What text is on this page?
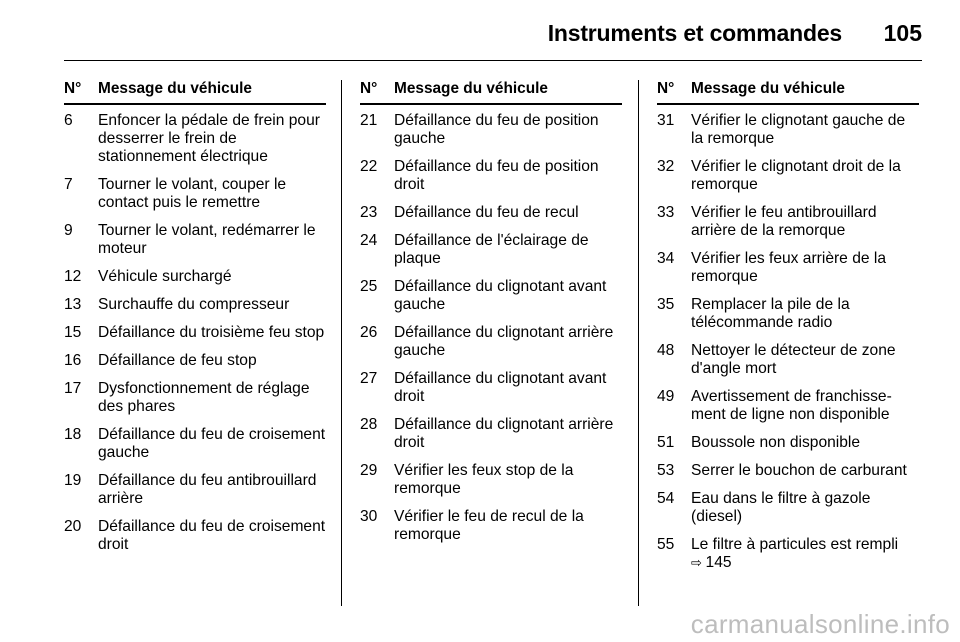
Instruments et commandes 105
N°	Message du véhicule
6	Enfoncer la pédale de frein pour desserrer le frein de stationnement électrique
7	Tourner le volant, couper le contact puis le remettre
9	Tourner le volant, redémarrer le moteur
12	Véhicule surchargé
13	Surchauffe du compresseur
15	Défaillance du troisième feu stop
16	Défaillance de feu stop
17	Dysfonctionnement de réglage des phares
18	Défaillance du feu de croisement gauche
19	Défaillance du feu antibrouillard arrière
20	Défaillance du feu de croisement droit
N°	Message du véhicule
21	Défaillance du feu de position gauche
22	Défaillance du feu de position droit
23	Défaillance du feu de recul
24	Défaillance de l'éclairage de plaque
25	Défaillance du clignotant avant gauche
26	Défaillance du clignotant arrière gauche
27	Défaillance du clignotant avant droit
28	Défaillance du clignotant arrière droit
29	Vérifier les feux stop de la remorque
30	Vérifier le feu de recul de la remorque
N°	Message du véhicule
31	Vérifier le clignotant gauche de la remorque
32	Vérifier le clignotant droit de la remorque
33	Vérifier le feu antibrouillard arrière de la remorque
34	Vérifier les feux arrière de la remorque
35	Remplacer la pile de la télécommande radio
48	Nettoyer le détecteur de zone d'angle mort
49	Avertissement de franchisse-ment de ligne non disponible
51	Boussole non disponible
53	Serrer le bouchon de carburant
54	Eau dans le filtre à gazole (diesel)
55	Le filtre à particules est rempli
⇨ 145
carmanualsonline.info
